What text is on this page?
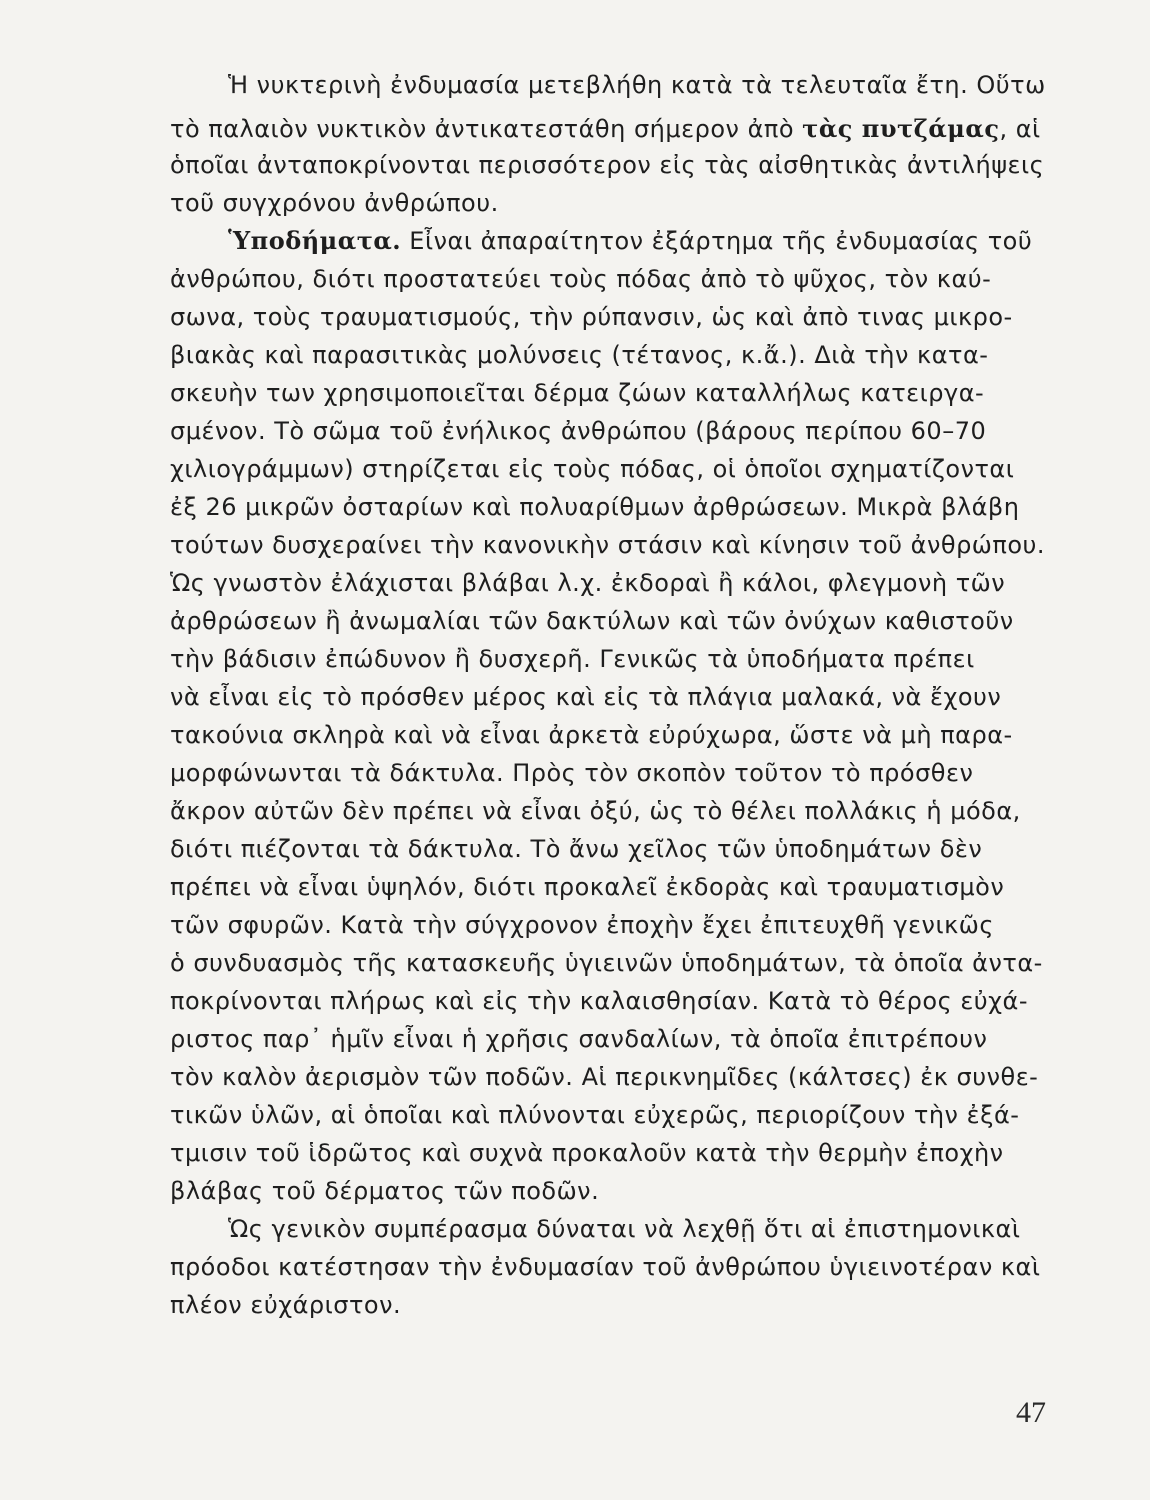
Ἡ νυκτερινὴ ἐνδυμασία μετεβλήθη κατὰ τὰ τελευταῖα ἔτη. Οὕτω
τὸ παλαιὸν νυκτικὸν ἀντικατεστάθη σήμερον ἀπὸ τὰς πυτζάμας, αἱ
ὁποῖαι ἀνταποκρίνονται περισσότερον εἰς τὰς αἰσθητικὰς ἀντιλήψεις
τοῦ συγχρόνου ἀνθρώπου.
Ὑποδήματα. Εἶναι ἀπαραίτητον ἐξάρτημα τῆς ἐνδυμασίας τοῦ
ἀνθρώπου, διότι προστατεύει τοὺς πόδας ἀπὸ τὸ ψῦχος, τὸν καύ-
σωνα, τοὺς τραυματισμούς, τὴν ρύπανσιν, ὡς καὶ ἀπὸ τινας μικρο-
βιακὰς καὶ παρασιτικὰς μολύνσεις (τέτανος, κ.ἄ.). Διὰ τὴν κατα-
σκευὴν των χρησιμοποιεῖται δέρμα ζώων καταλλήλως κατειργα-
σμένον. Τὸ σῶμα τοῦ ἐνήλικος ἀνθρώπου (βάρους περίπου 60–70
χιλιογράμμων) στηρίζεται εἰς τοὺς πόδας, οἱ ὁποῖοι σχηματίζονται
ἐξ 26 μικρῶν ὀσταρίων καὶ πολυαρίθμων ἀρθρώσεων. Μικρὰ βλάβη
τούτων δυσχεραίνει τὴν κανονικὴν στάσιν καὶ κίνησιν τοῦ ἀνθρώπου.
Ὡς γνωστὸν ἐλάχισται βλάβαι λ.χ. ἐκδοραὶ ἢ κάλοι, φλεγμονὴ τῶν
ἀρθρώσεων ἢ ἀνωμαλίαι τῶν δακτύλων καὶ τῶν ὀνύχων καθιστοῦν
τὴν βάδισιν ἐπώδυνον ἢ δυσχερῆ. Γενικῶς τὰ ὑποδήματα πρέπει
νὰ εἶναι εἰς τὸ πρόσθεν μέρος καὶ εἰς τὰ πλάγια μαλακά, νὰ ἔχουν
τακούνια σκληρὰ καὶ νὰ εἶναι ἀρκετὰ εὐρύχωρα, ὥστε νὰ μὴ παρα-
μορφώνωνται τὰ δάκτυλα. Πρὸς τὸν σκοπὸν τοῦτον τὸ πρόσθεν
ἄκρον αὐτῶν δὲν πρέπει νὰ εἶναι ὀξύ, ὡς τὸ θέλει πολλάκις ἡ μόδα,
διότι πιέζονται τὰ δάκτυλα. Τὸ ἄνω χεῖλος τῶν ὑποδημάτων δὲν
πρέπει νὰ εἶναι ὑψηλόν, διότι προκαλεῖ ἐκδορὰς καὶ τραυματισμὸν
τῶν σφυρῶν. Κατὰ τὴν σύγχρονον ἐποχὴν ἔχει ἐπιτευχθῆ γενικῶς
ὁ συνδυασμὸς τῆς κατασκευῆς ὑγιεινῶν ὑποδημάτων, τὰ ὁποῖα ἀντα-
ποκρίνονται πλήρως καὶ εἰς τὴν καλαισθησίαν. Κατὰ τὸ θέρος εὐχά-
ριστος παρ᾽ ἡμῖν εἶναι ἡ χρῆσις σανδαλίων, τὰ ὁποῖα ἐπιτρέπουν
τὸν καλὸν ἀερισμὸν τῶν ποδῶν. Αἱ περικνημῖδες (κάλτσες) ἐκ συνθε-
τικῶν ὑλῶν, αἱ ὁποῖαι καὶ πλύνονται εὐχερῶς, περιορίζουν τὴν ἐξά-
τμισιν τοῦ ἱδρῶτος καὶ συχνὰ προκαλοῦν κατὰ τὴν θερμὴν ἐποχὴν
βλάβας τοῦ δέρματος τῶν ποδῶν.
Ὡς γενικὸν συμπέρασμα δύναται νὰ λεχθῇ ὅτι αἱ ἐπιστημονικαὶ
πρόοδοι κατέστησαν τὴν ἐνδυμασίαν τοῦ ἀνθρώπου ὑγιεινοτέραν καὶ
πλέον εὐχάριστον.
47
